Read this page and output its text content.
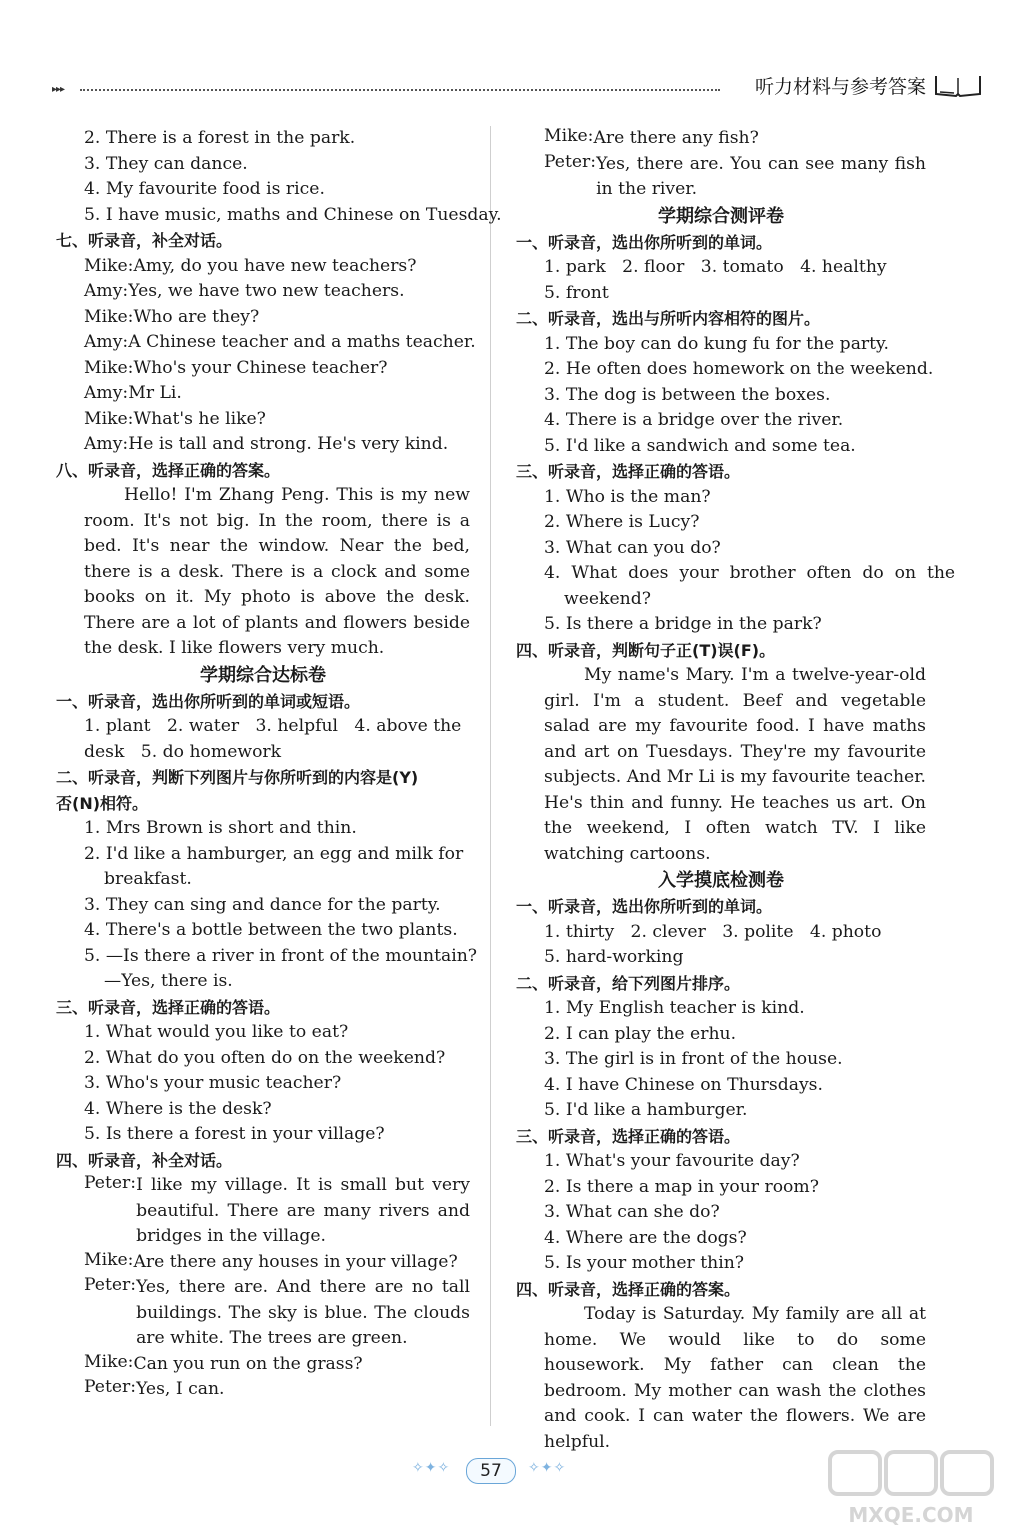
▸▸▸	听力材料与参考答案
2. There is a forest in the park.
3. They can dance.
4. My favourite food is rice.
5. I have music, maths and Chinese on Tuesday.
七、听录音，补全对话。
Mike:Amy, do you have new teachers?
Amy:Yes, we have two new teachers.
Mike:Who are they?
Amy:A Chinese teacher and a maths teacher.
Mike:Who's your Chinese teacher?
Amy:Mr Li.
Mike:What's he like?
Amy:He is tall and strong. He's very kind.
八、听录音，选择正确的答案。

Hello! I'm Zhang Peng. This is my new room. It's not big. In the room, there is a bed. It's near the window. Near the bed, there is a desk. There is a clock and some books on it. My photo is above the desk. There are a lot of plants and flowers beside the desk. I like flowers very much.

学期综合达标卷
一、听录音，选出你所听到的单词或短语。
1. plant   2. water   3. helpful   4. above the
desk   5. do homework
二、听录音，判断下列图片与你所听到的内容是(Y)
否(N)相符。
1. Mrs Brown is short and thin.
2. I'd like a hamburger, an egg and milk for
breakfast.
3. They can sing and dance for the party.
4. There's a bottle between the two plants.
5. —Is there a river in front of the mountain?
—Yes, there is.
三、听录音，选择正确的答语。
1. What would you like to eat?
2. What do you often do on the weekend?
3. Who's your music teacher?
4. Where is the desk?
5. Is there a forest in your village?
四、听录音，补全对话。
Peter: I like my village. It is small but very beautiful. There are many rivers and bridges in the village.
Mike: Are there any houses in your village?
Peter: Yes, there are. And there are no tall buildings. The sky is blue. The clouds are white. The trees are green.
Mike: Can you run on the grass?
Peter: Yes, I can.
Mike: Are there any fish?
Peter: Yes, there are. You can see many fish in the river.
学期综合测评卷
一、听录音，选出你所听到的单词。
1. park   2. floor   3. tomato   4. healthy
5. front
二、听录音，选出与所听内容相符的图片。
1. The boy can do kung fu for the party.
2. He often does homework on the weekend.
3. The dog is between the boxes.
4. There is a bridge over the river.
5. I'd like a sandwich and some tea.
三、听录音，选择正确的答语。
1. Who is the man?
2. Where is Lucy?
3. What can you do?
4.  What  does  your  brother  often  do  on  the
weekend?
5. Is there a bridge in the park?
四、听录音，判断句子正(T)误(F)。

My name's Mary. I'm a twelve-year-old girl. I'm a student. Beef and vegetable salad are my favourite food. I have maths and art on Tuesdays. They're my favourite subjects. And Mr Li is my favourite teacher. He's thin and funny. He teaches us art. On the weekend, I often watch TV. I like watching cartoons.

入学摸底检测卷
一、听录音，选出你所听到的单词。
1. thirty   2. clever   3. polite   4. photo
5. hard-working
二、听录音，给下列图片排序。
1. My English teacher is kind.
2. I can play the erhu.
3. The girl is in front of the house.
4. I have Chinese on Thursdays.
5. I'd like a hamburger.
三、听录音，选择正确的答语。
1. What's your favourite day?
2. Is there a map in your room?
3. What can she do?
4. Where are the dogs?
5. Is your mother thin?
四、听录音，选择正确的答案。

Today is Saturday. My family are all at home. We would like to do some housework. My father can clean the bedroom. My mother can wash the clothes and cook. I can water the flowers. We are helpful.

✧✦✧	57	✧✦✧
MXQE.COM
